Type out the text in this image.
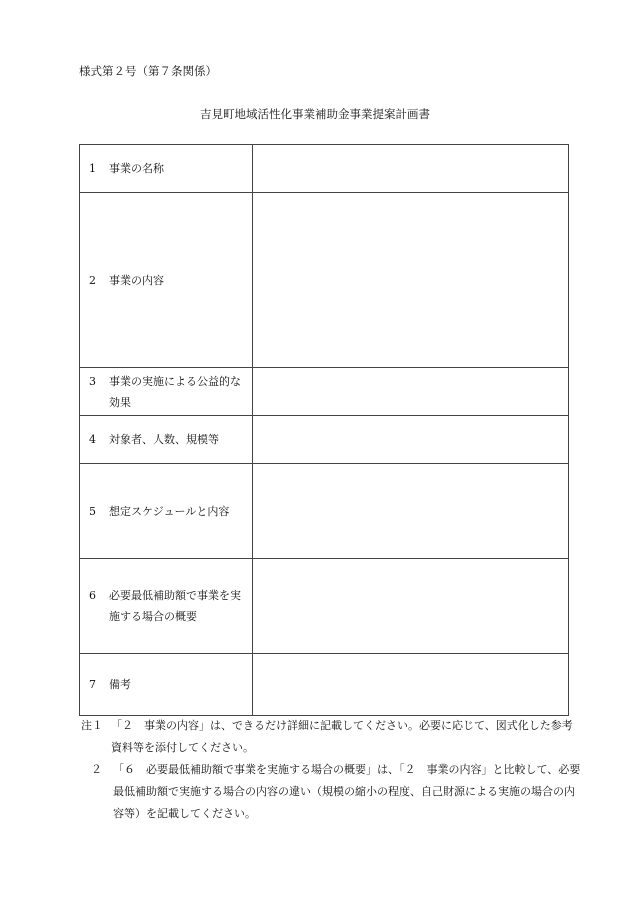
様式第２号（第７条関係）
吉見町地域活性化事業補助金事業提案計画書
1 事業の名称	

2 事業の内容	

3 事業の実施による公益的な効果	

4 対象者、人数、規模等	

5 想定スケジュールと内容	

6 必要最低補助額で事業を実施する場合の概要	

7 備考	

注１ 「２　事業の内容」は、できるだけ詳細に記載してください。必要に応じて、図式化した参考資料等を添付してください。
２	「６　必要最低補助額で事業を実施する場合の概要」は、「２　事業の内容」と比較して、必要最低補助額で実施する場合の内容の違い（規模の縮小の程度、自己財源による実施の場合の内容等）を記載してください。
